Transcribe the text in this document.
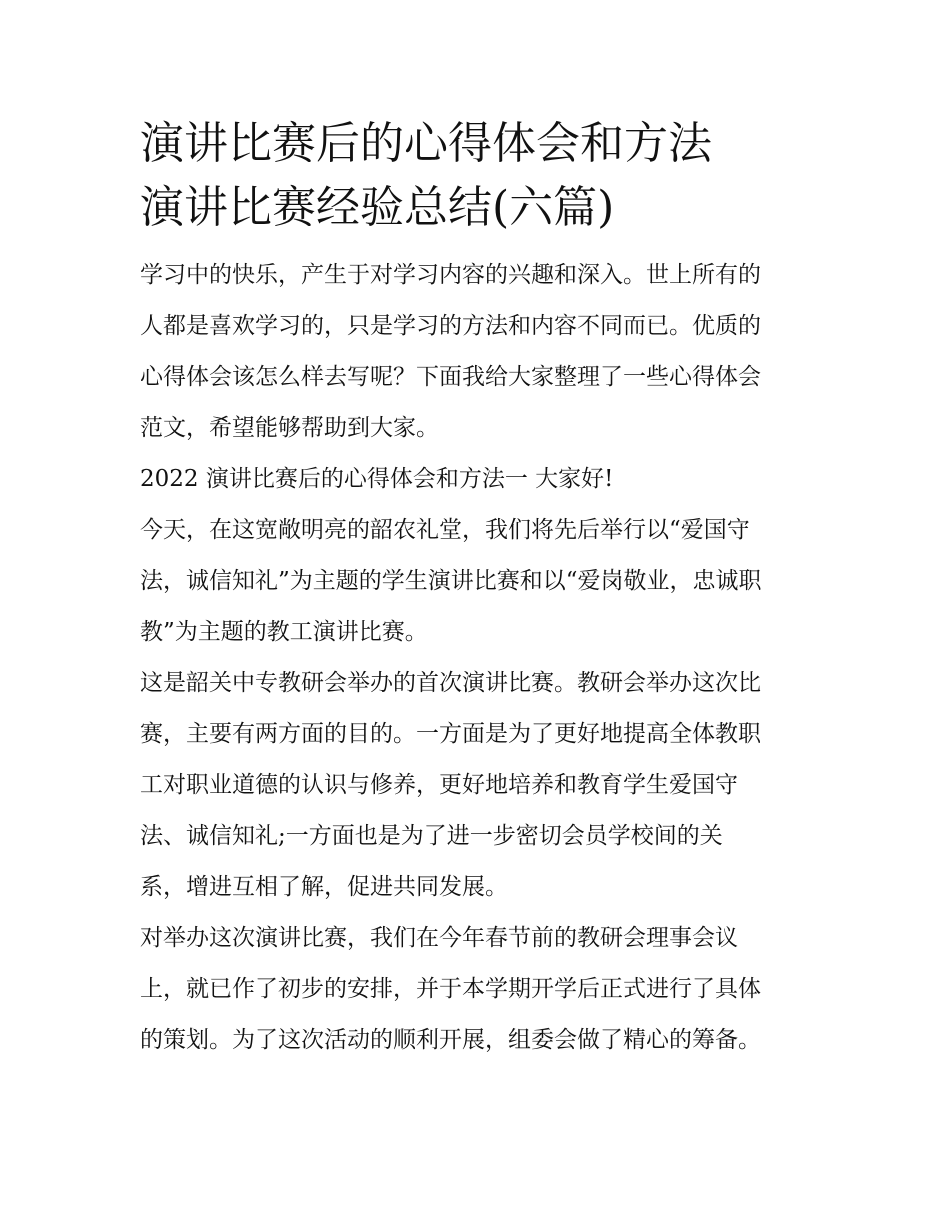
演讲比赛后的心得体会和方法
演讲比赛经验总结(六篇)
学习中的快乐，产生于对学习内容的兴趣和深入。世上所有的
人都是喜欢学习的，只是学习的方法和内容不同而已。优质的
心得体会该怎么样去写呢？下面我给大家整理了一些心得体会
范文，希望能够帮助到大家。
2022 演讲比赛后的心得体会和方法一 大家好!
今天，在这宽敞明亮的韶农礼堂，我们将先后举行以“爱国守
法，诚信知礼”为主题的学生演讲比赛和以“爱岗敬业，忠诚职
教”为主题的教工演讲比赛。
这是韶关中专教研会举办的首次演讲比赛。教研会举办这次比
赛，主要有两方面的目的。一方面是为了更好地提高全体教职
工对职业道德的认识与修养，更好地培养和教育学生爱国守
法、诚信知礼;一方面也是为了进一步密切会员学校间的关
系，增进互相了解，促进共同发展。
对举办这次演讲比赛，我们在今年春节前的教研会理事会议
上，就已作了初步的安排，并于本学期开学后正式进行了具体
的策划。为了这次活动的顺利开展，组委会做了精心的筹备。
